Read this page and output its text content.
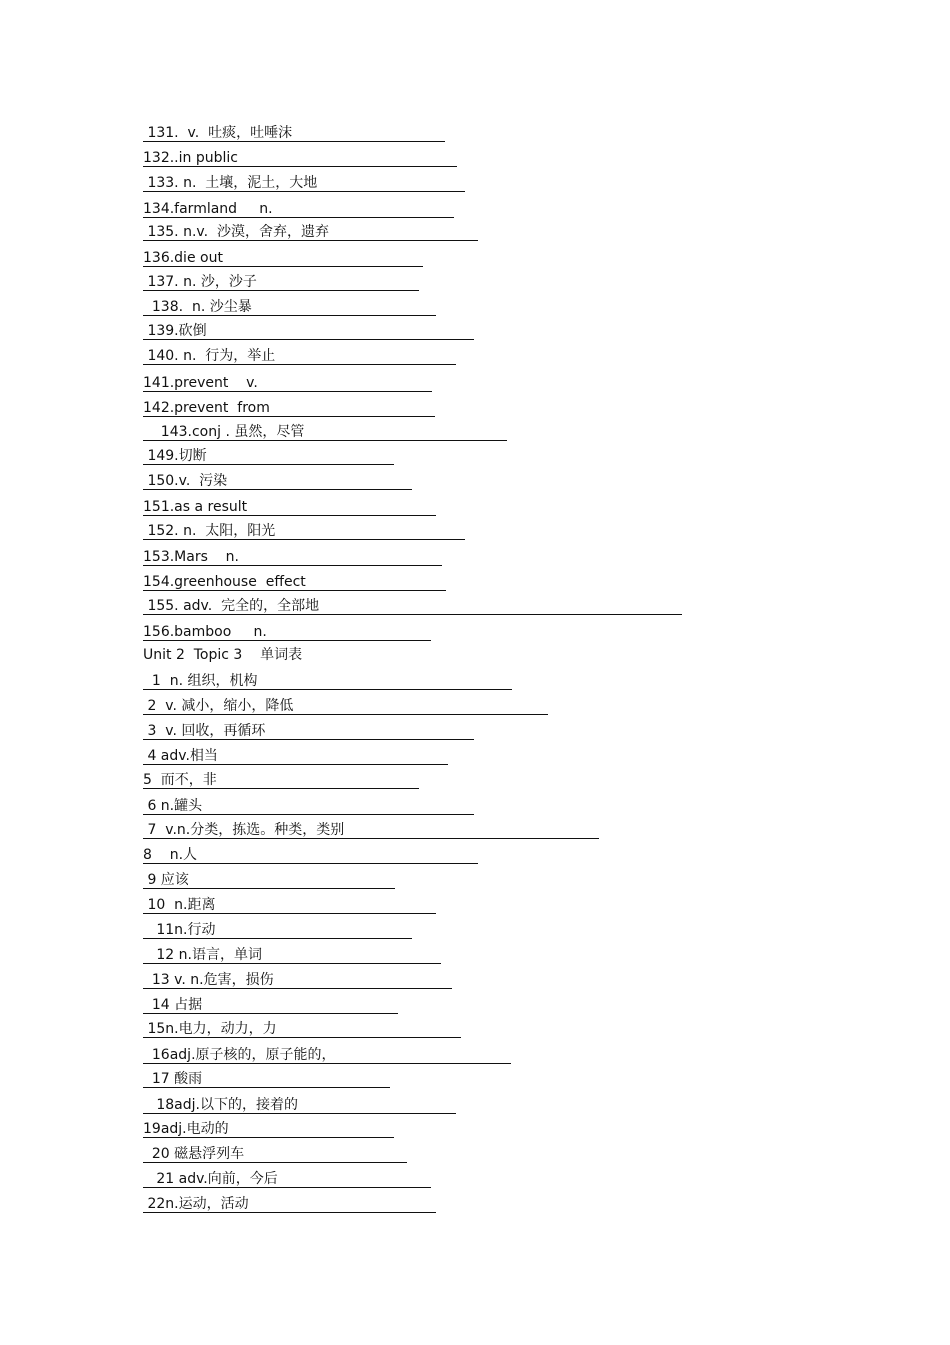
131.  v.  吐痰，吐唾沫
132..in public
133. n.  土壤，泥土，大地
134.farmland     n.
135. n.v.  沙漠，舍弃，遗弃
136.die out
137. n. 沙，沙子
138.  n. 沙尘暴
139.砍倒
140. n.  行为，举止
141.prevent    v.
142.prevent  from
143.conj . 虽然，尽管
149.切断
150.v.  污染
151.as a result
152. n.  太阳，阳光
153.Mars    n.
154.greenhouse  effect
155. adv.  完全的，全部地
156.bamboo     n.
Unit 2  Topic 3    单词表
1  n. 组织，机构
2  v. 减小，缩小，降低
3  v. 回收，再循环
4 adv.相当
5  而不，非
6 n.罐头
7  v.n.分类，拣选。种类，类别
8    n.人
9 应该
10  n.距离
11n.行动
12 n.语言，单词
13 v. n.危害，损伤
14 占据
15n.电力，动力，力
16adj.原子核的，原子能的，
17 酸雨
18adj.以下的，接着的
19adj.电动的
20 磁悬浮列车
21 adv.向前，今后
22n.运动，活动
